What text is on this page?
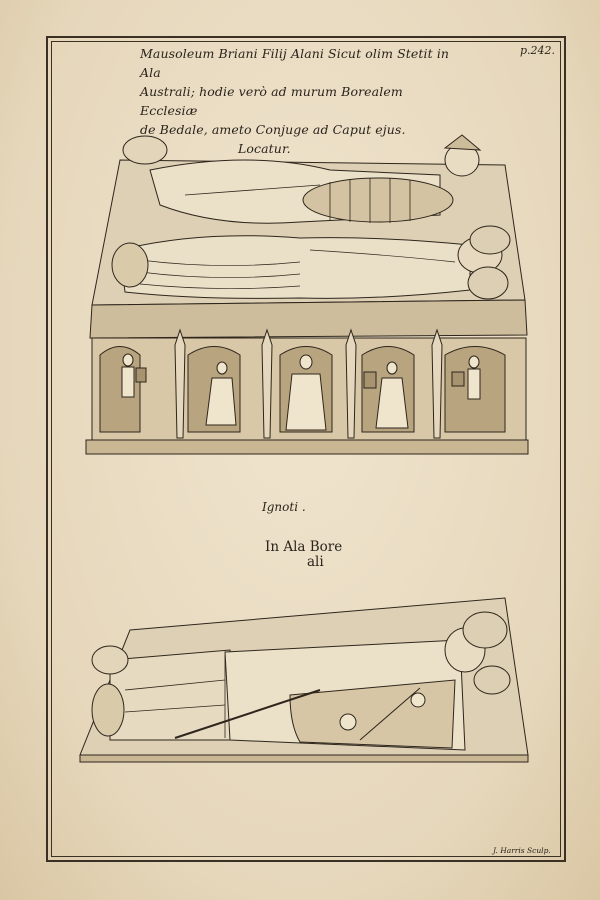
p.242.
Mausoleum Briani Filij Alani Sicut olim Stetit in Ala
Australi; hodie verò ad murum Borealem Ecclesiæ
de Bedale, ameto Conjuge ad Caput ejus.
Locatur.
Ignoti .
In Ala Bore
ali
J. Harris Sculp.
